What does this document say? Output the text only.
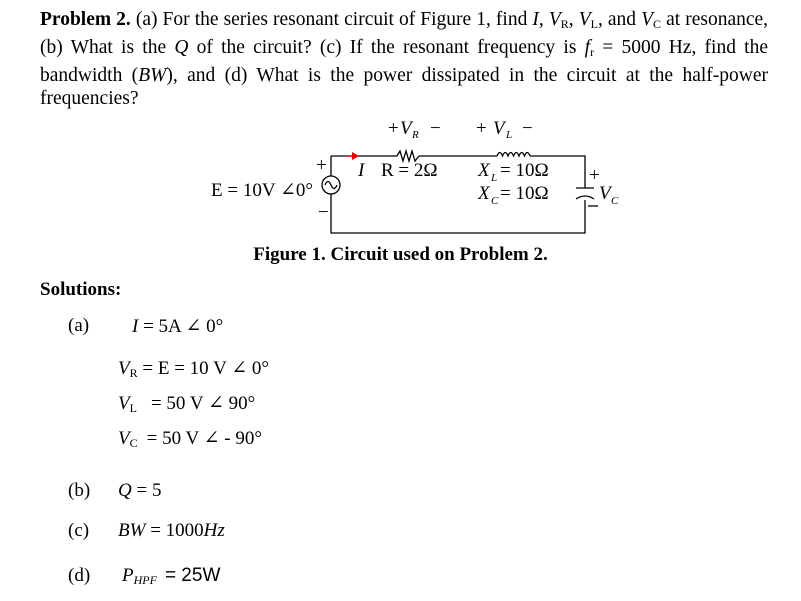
Problem 2. (a) For the series resonant circuit of Figure 1, find I, $V_R$, $V_L$, and $V_C$ at resonance, (b) What is the Q of the circuit? (c) If the resonant frequency is $f_r = 5000$ Hz, find the bandwidth (BW), and (d) What is the power dissipated in the circuit at the half-power frequencies?
E = 10V ∠0°
+
−
I R = 2Ω
+ V R − + V L −
X L = 10Ω
X C = 10Ω
+
V C
Figure 1. Circuit used on Problem 2.
Solutions:
(a) I = 5A ∠ 0°
$V_R = E = 10$ V ∠ 0°
$V_L = 50$ V ∠ 90°
$V_C = 50$ V ∠ - 90°
(b) Q = 5
(c) BW = 1000Hz
(d) $P_{HPF} = 25W$
